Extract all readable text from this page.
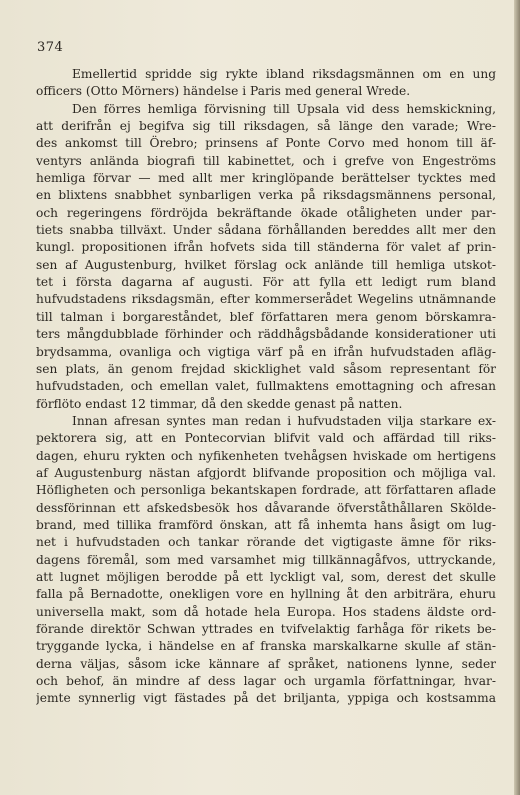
374
Emellertid spridde sig rykte ibland riksdagsmännen om en ung
officers (Otto Mörners) händelse i Paris med general Wrede.
Den förres hemliga förvisning till Upsala vid dess hemskickning,
att derifrån ej begifva sig till riksdagen, så länge den varade; Wre-
des ankomst till Örebro; prinsens af Ponte Corvo med honom till äf-
ventyrs anlända biografi till kabinettet, och i grefve von Engeströms
hemliga förvar — med allt mer kringlöpande berättelser tycktes med
en blixtens snabbhet synbarligen verka på riksdagsmännens personal,
och regeringens fördröjda bekräftande ökade otåligheten under par-
tiets snabba tillväxt. Under sådana förhållanden bereddes allt mer den
kungl. propositionen ifrån hofvets sida till ständerna för valet af prin-
sen af Augustenburg, hvilket förslag ock anlände till hemliga utskot-
tet i första dagarna af augusti. För att fylla ett ledigt rum bland
hufvudstadens riksdagsmän, efter kommerserådet Wegelins utnämnande
till talman i borgareståndet, blef författaren mera genom börskamra-
ters mångdubblade förhinder och räddhågsbådande konsiderationer uti
brydsamma, ovanliga och vigtiga värf på en ifrån hufvudstaden afläg-
sen plats, än genom frejdad skicklighet vald såsom representant för
hufvudstaden, och emellan valet, fullmaktens emottagning och afresan
förflöto endast 12 timmar, då den skedde genast på natten.
Innan afresan syntes man redan i hufvudstaden vilja starkare ex-
pektorera sig, att en Pontecorvian blifvit vald och affärdad till riks-
dagen, ehuru rykten och nyfikenheten tvehågsen hviskade om hertigens
af Augustenburg nästan afgjordt blifvande proposition och möjliga val.
Höfligheten och personliga bekantskapen fordrade, att författaren aflade
dessförinnan ett afskedsbesök hos dåvarande öfverståthållaren Skölde-
brand, med tillika framförd önskan, att få inhemta hans åsigt om lug-
net i hufvudstaden och tankar rörande det vigtigaste ämne för riks-
dagens föremål, som med varsamhet mig tillkännagåfvos, uttryckande,
att lugnet möjligen berodde på ett lyckligt val, som, derest det skulle
falla på Bernadotte, onekligen vore en hyllning åt den arbiträra, ehuru
universella makt, som då hotade hela Europa. Hos stadens äldste ord-
förande direktör Schwan yttrades en tvifvelaktig farhåga för rikets be-
tryggande lycka, i händelse en af franska marskalkarne skulle af stän-
derna väljas, såsom icke kännare af språket, nationens lynne, seder
och behof, än mindre af dess lagar och urgamla författningar, hvar-
jemte synnerlig vigt fästades på det briljanta, yppiga och kostsamma
